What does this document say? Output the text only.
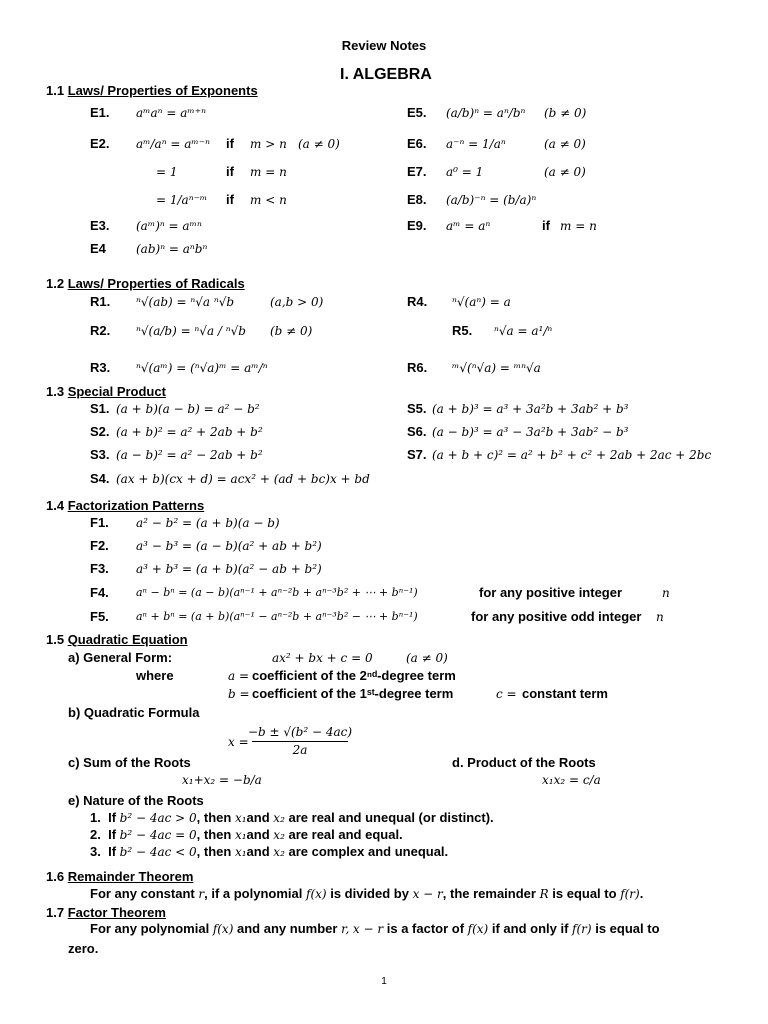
Review Notes
I. ALGEBRA
1.1 Laws/ Properties of Exponents
E1. aᵐaⁿ = aᵐ⁺ⁿ
E2. aᵐ/aⁿ = aᵐ⁻ⁿ if m > n (a ≠ 0)
= 1	if m = n
= 1/aⁿ⁻ᵐ if m < n
E3. (aᵐ)ⁿ = aᵐⁿ
E4	(ab)ⁿ = aⁿbⁿ
E5. (a/b)ⁿ = aⁿ/bⁿ (b ≠ 0)
E6. a⁻ⁿ = 1/aⁿ	(a ≠ 0)
E7. a⁰ = 1	(a ≠ 0)
E8. (a/b)⁻ⁿ = (b/a)ⁿ
E9. aᵐ = aⁿ	if m = n
1.2 Laws/ Properties of Radicals
R1. ⁿ√(ab) = ⁿ√a ⁿ√b	(a,b > 0)
R2. ⁿ√(a/b) = ⁿ√a / ⁿ√b (b ≠ 0)
R3. ⁿ√(aᵐ) = (ⁿ√a)ᵐ = aᵐ/ⁿ
R4. ⁿ√(aⁿ) = a
R5. ⁿ√a = a¹/ⁿ
R6. ᵐ√(ⁿ√a) = ᵐⁿ√a
1.3 Special Product
S1. (a + b)(a − b) = a² − b²
S2. (a + b)² = a² + 2ab + b²
S3. (a − b)² = a² − 2ab + b²
S4. (ax + b)(cx + d) = acx² + (ad + bc)x + bd
S5. (a + b)³ = a³ + 3a²b + 3ab² + b³
S6. (a − b)³ = a³ − 3a²b + 3ab² − b³
S7. (a + b + c)² = a² + b² + c² + 2ab + 2ac + 2bc
1.4 Factorization Patterns
F1. a² − b² = (a + b)(a − b)
F2. a³ − b³ = (a − b)(a² + ab + b²)
F3. a³ + b³ = (a + b)(a² − ab + b²)
F4. aⁿ − bⁿ = (a − b)(aⁿ⁻¹ + aⁿ⁻²b + aⁿ⁻³b² + ⋯ + bⁿ⁻¹)	for any positive integer	n
F5. aⁿ + bⁿ = (a + b)(aⁿ⁻¹ − aⁿ⁻²b + aⁿ⁻³b² − ⋯ + bⁿ⁻¹)	for any positive odd integer n
1.5 Quadratic Equation
a) General Form:	ax² + bx + c = 0	(a ≠ 0)
where	a = coefficient of the 2ⁿᵈ-degree term
b = coefficient of the 1ˢᵗ-degree term	c = constant term
b) Quadratic Formula
x =
−b ± √(b² − 4ac)
2a
c) Sum of the Roots
x₁+x₂ = −b/a
d. Product of the Roots
x₁x₂ = c/a
e) Nature of the Roots
1. If b² − 4ac > 0, then x₁and x₂ are real and unequal (or distinct).
2. If b² − 4ac = 0, then x₁and x₂ are real and equal.
3. If b² − 4ac < 0, then x₁and x₂ are complex and unequal.
1.6 Remainder Theorem
For any constant r, if a polynomial f(x) is divided by x − r, the remainder R is equal to f(r).
1.7 Factor Theorem
For any polynomial f(x) and any number r, x − r is a factor of f(x) if and only if f(r) is equal to
zero.
1
